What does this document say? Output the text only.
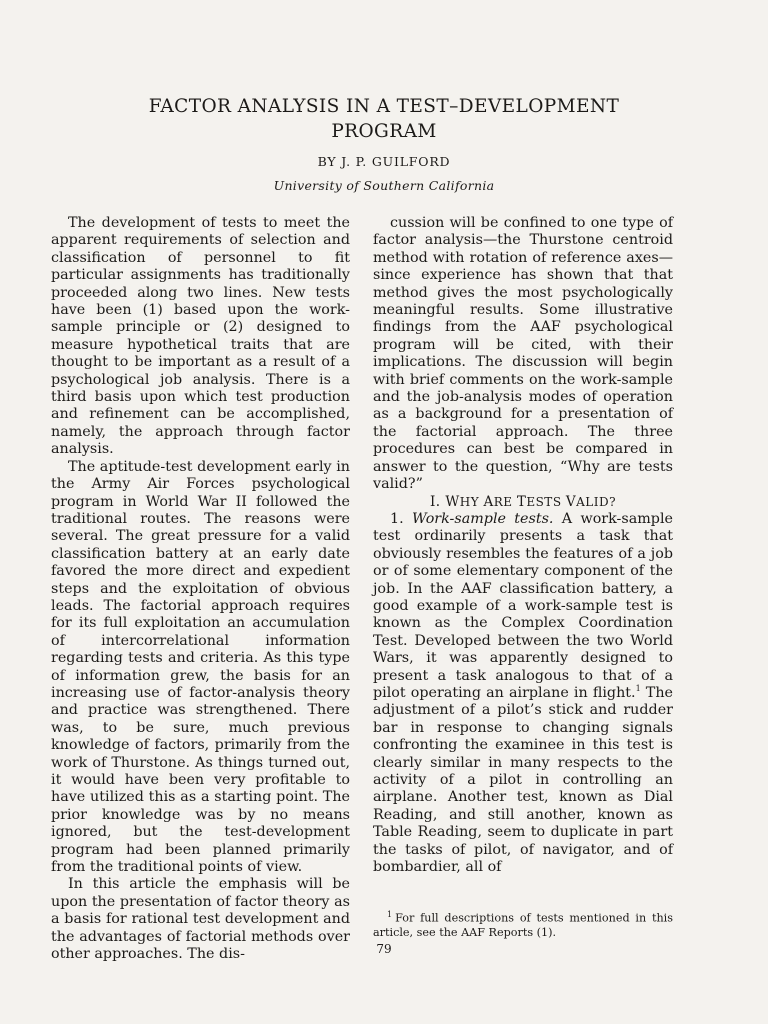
FACTOR ANALYSIS IN A TEST–DEVELOPMENT
PROGRAM
BY J. P. GUILFORD
University of Southern California

The development of tests to meet the apparent requirements of selection and classification of personnel to fit particular assignments has traditionally proceeded along two lines. New tests have been (1) based upon the work-sample principle or (2) designed to measure hypothetical traits that are thought to be important as a result of a psychological job analysis. There is a third basis upon which test production and refinement can be accomplished, namely, the approach through factor analysis.

The aptitude-test development early in the Army Air Forces psychological program in World War II followed the traditional routes. The reasons were several. The great pressure for a valid classification battery at an early date favored the more direct and expedient steps and the exploitation of obvious leads. The factorial approach requires for its full exploitation an accumulation of intercorrelational information regarding tests and criteria. As this type of information grew, the basis for an increasing use of factor-analysis theory and practice was strengthened. There was, to be sure, much previous knowledge of factors, primarily from the work of Thurstone. As things turned out, it would have been very profitable to have utilized this as a starting point. The prior knowledge was by no means ignored, but the test-development program had been planned primarily from the traditional points of view.

In this article the emphasis will be upon the presentation of factor theory as a basis for rational test development and the advantages of factorial methods over other approaches. The dis-

cussion will be confined to one type of factor analysis—the Thurstone centroid method with rotation of reference axes—since experience has shown that that method gives the most psychologically meaningful results. Some illustrative findings from the AAF psychological program will be cited, with their implications. The discussion will begin with brief comments on the work-sample and the job-analysis modes of operation as a background for a presentation of the factorial approach. The three procedures can best be compared in answer to the question, “Why are tests valid?”

I. WHY ARE TESTS VALID?

1. Work-sample tests. A work-sample test ordinarily presents a task that obviously resembles the features of a job or of some elementary component of the job. In the AAF classification battery, a good example of a work-sample test is known as the Complex Coordination Test. Developed between the two World Wars, it was apparently designed to present a task analogous to that of a pilot operating an airplane in flight.$^1$ The adjustment of a pilot’s stick and rudder bar in response to changing signals confronting the examinee in this test is clearly similar in many respects to the activity of a pilot in controlling an airplane. Another test, known as Dial Reading, and still another, known as Table Reading, seem to duplicate in part the tasks of pilot, of navigator, and of bombardier, all of

$^1$ For full descriptions of tests mentioned in this article, see the AAF Reports (1).
79
